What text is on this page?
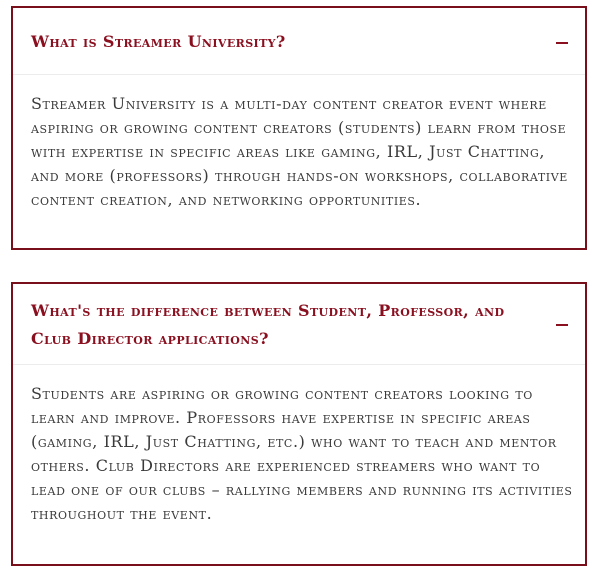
What is Streamer University?
Streamer University is a multi-day content creator event where aspiring or growing content creators (students) learn from those with expertise in specific areas like gaming, IRL, Just Chatting, and more (professors) through hands-on workshops, collaborative content creation, and networking opportunities.
What's the difference between Student, Professor, and Club Director applications?
Students are aspiring or growing content creators looking to learn and improve. Professors have expertise in specific areas (gaming, IRL, Just Chatting, etc.) who want to teach and mentor others. Club Directors are experienced streamers who want to lead one of our clubs – rallying members and running its activities throughout the event.
